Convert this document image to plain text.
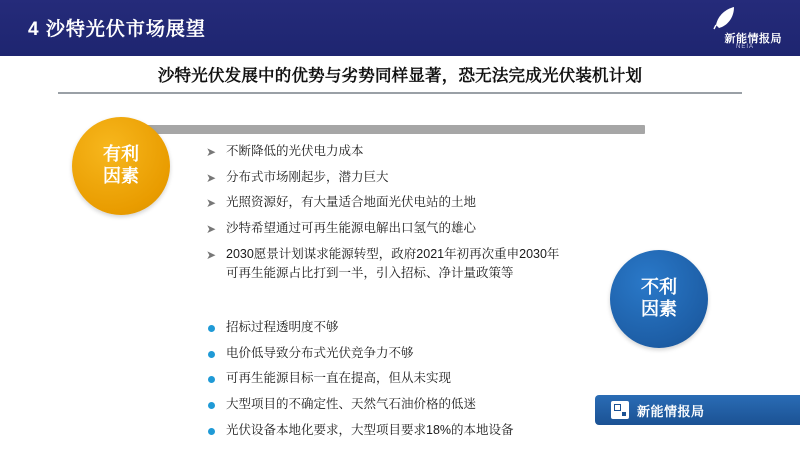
4 沙特光伏市场展望	新能情报局
NEIA
沙特光伏发展中的优势与劣势同样显著，恐无法完成光伏装机计划
有利
因素
➤ 不断降低的光伏电力成本
➤ 分布式市场刚起步，潜力巨大
➤ 光照资源好，有大量适合地面光伏电站的土地
➤ 沙特希望通过可再生能源电解出口氢气的雄心
➤ 2030愿景计划谋求能源转型，政府2021年初再次重申2030年
可再生能源占比打到一半，引入招标、净计量政策等
不利
因素
招标过程透明度不够
电价低导致分布式光伏竞争力不够
可再生能源目标一直在提高，但从未实现
大型项目的不确定性、天然气石油价格的低迷
光伏设备本地化要求，大型项目要求18%的本地设备
新能情报局
